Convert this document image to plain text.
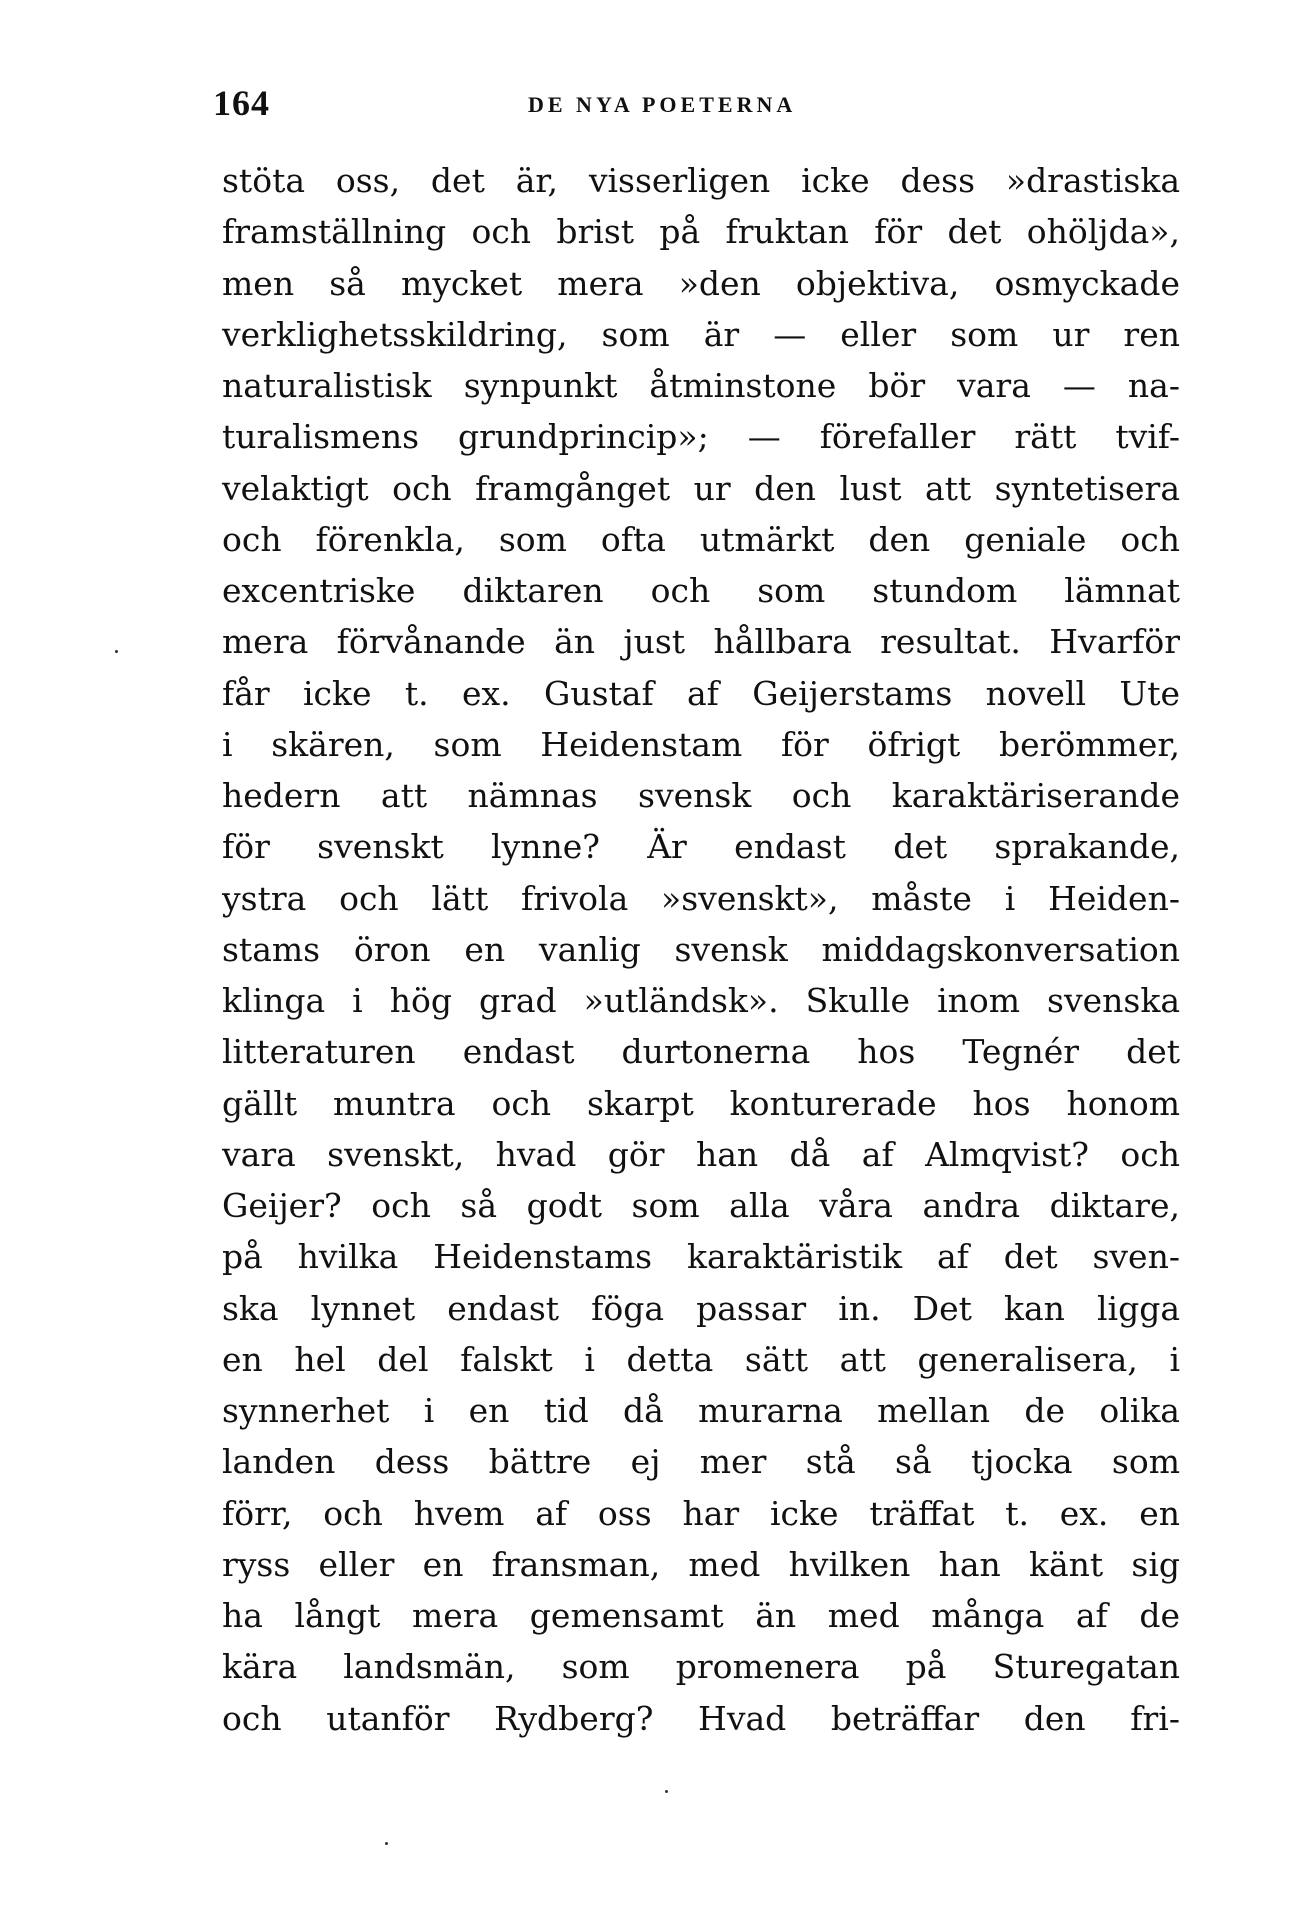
164	DE NYA POETERNA
stöta oss, det är, visserligen icke dess »drastiska
framställning och brist på fruktan för det ohöljda»,
men så mycket mera »den objektiva, osmyckade
verklighetsskildring, som är — eller som ur ren
naturalistisk synpunkt åtminstone bör vara — na-
turalismens grundprincip»; — förefaller rätt tvif-
velaktigt och framgånget ur den lust att syntetisera
och förenkla, som ofta utmärkt den geniale och
excentriske diktaren och som stundom lämnat
mera förvånande än just hållbara resultat. Hvarför
får icke t. ex. Gustaf af Geijerstams novell Ute
i skären, som Heidenstam för öfrigt berömmer,
hedern att nämnas svensk och karaktäriserande
för svenskt lynne? Är endast det sprakande,
ystra och lätt frivola »svenskt», måste i Heiden-
stams öron en vanlig svensk middagskonversation
klinga i hög grad »utländsk». Skulle inom svenska
litteraturen endast durtonerna hos Tegnér det
gällt muntra och skarpt konturerade hos honom
vara svenskt, hvad gör han då af Almqvist? och
Geijer? och så godt som alla våra andra diktare,
på hvilka Heidenstams karaktäristik af det sven-
ska lynnet endast föga passar in. Det kan ligga
en hel del falskt i detta sätt att generalisera, i
synnerhet i en tid då murarna mellan de olika
landen dess bättre ej mer stå så tjocka som
förr, och hvem af oss har icke träffat t. ex. en
ryss eller en fransman, med hvilken han känt sig
ha långt mera gemensamt än med många af de
kära landsmän, som promenera på Sturegatan
och utanför Rydberg? Hvad beträffar den fri-
